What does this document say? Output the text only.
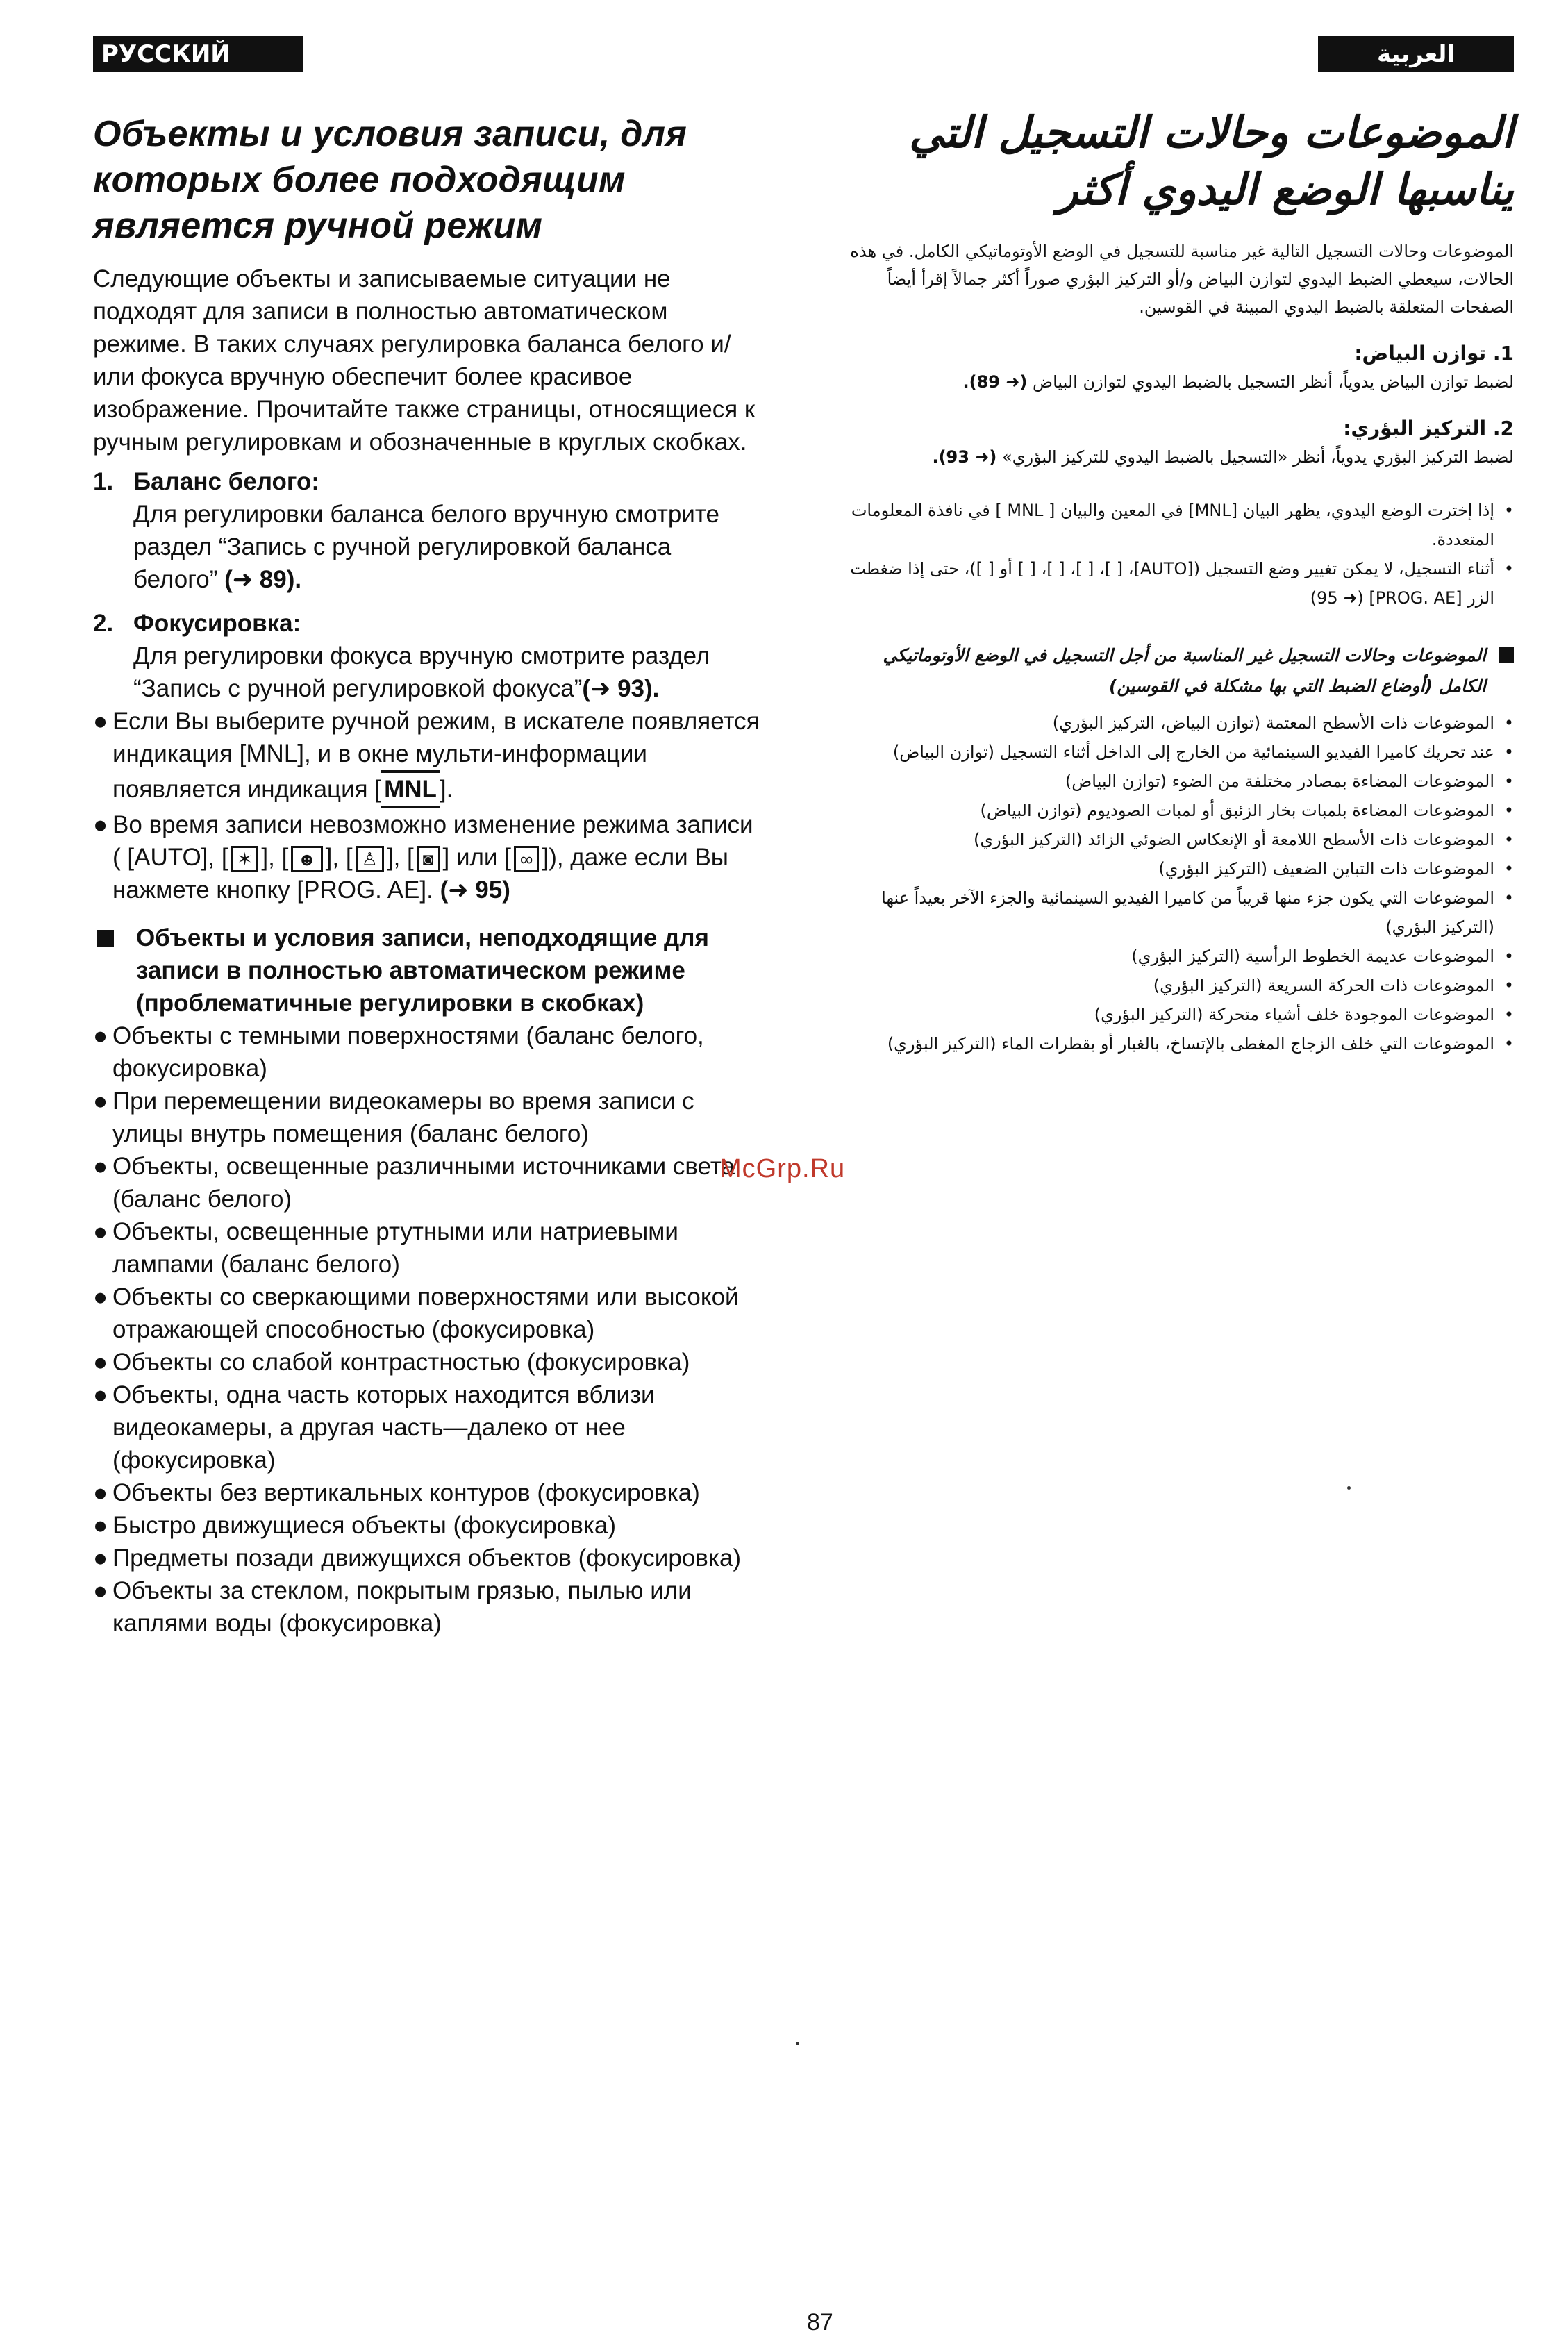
РУССКИЙ ЯЗЫК
العربية
Объекты и условия записи, для которых более подходящим является ручной режим

Следующие объекты и записываемые ситуации не подходят для записи в полностью автоматическом режиме. В таких случаях регулировка баланса белого и/или фокуса вручную обеспечит более красивое изображение. Прочитайте также страницы, относящиеся к ручным регулировкам и обозначенные в круглых скобках.

1. Баланс белого:
Для регулировки баланса белого вручную смотрите раздел “Запись с ручной регулировкой баланса белого” (➜ 89).
2. Фокусировка:
Для регулировки фокуса вручную смотрите раздел “Запись с ручной регулировкой фокуса”(➜ 93).
● Если Вы выберите ручной режим, в искателе появляется индикация [MNL], и в окне мульти-информации появляется индикация [ MNL ].
● Во время записи невозможно изменение режима записи ( [AUTO], [ ✶ ], [ ☻ ], [ ♙ ], [ ◙ ] или [ ∞ ]), даже если Вы нажмете кнопку [PROG. AE]. (➜ 95)
Объекты и условия записи, неподходящие для записи в полностью автоматическом режиме (проблематичные регулировки в скобках)
● Объекты с темными поверхностями (баланс белого, фокусировка)
● При перемещении видеокамеры во время записи с улицы внутрь помещения (баланс белого)
● Объекты, освещенные различными источниками света (баланс белого)
● Объекты, освещенные ртутными или натриевыми лампами (баланс белого)
● Объекты со сверкающими поверхностями или высокой отражающей способностью (фокусировка)
● Объекты со слабой контрастностью (фокусировка)
● Объекты, одна часть которых находится вблизи видеокамеры, а другая часть—далеко от нее (фокусировка)
● Объекты без вертикальных контуров (фокусировка)
● Быстро движущиеся объекты (фокусировка)
● Предметы позади движущихся объектов (фокусировка)
● Объекты за стеклом, покрытым грязью, пылью или каплями воды (фокусировка)
الموضوعات وحالات التسجيل التي يناسبها الوضع اليدوي أكثر

الموضوعات وحالات التسجيل التالية غير مناسبة للتسجيل في الوضع الأوتوماتيكي الكامل. في هذه الحالات، سيعطي الضبط اليدوي لتوازن البياض و/أو التركيز البؤري صوراً أكثر جمالاً إقرأ أيضاً الصفحات المتعلقة بالضبط اليدوي المبينة في القوسين.

1. توازن البياض:

لضبط توازن البياض يدوياً، أنظر التسجيل بالضبط اليدوي لتوازن البياض (➜ 89).

2. التركيز البؤري:

لضبط التركيز البؤري يدوياً، أنظر «التسجيل بالضبط اليدوي للتركيز البؤري» (➜ 93).

•
إذا إخترت الوضع اليدوي، يظهر البيان [MNL] في المعين والبيان [ MNL ] في نافذة المعلومات المتعددة.
•
أثناء التسجيل، لا يمكن تغيير وضع التسجيل ([AUTO]، [ ]، [ ]، [ ]، [ ] أو [ ])، حتى إذا ضغطت الزر [PROG. AE] (➜ 95)
الموضوعات وحالات التسجيل غير المناسبة من أجل التسجيل في الوضع الأوتوماتيكي الكامل (أوضاع الضبط التي بها مشكلة في القوسين)
•
الموضوعات ذات الأسطح المعتمة (توازن البياض، التركيز البؤري)
•
عند تحريك كاميرا الفيديو السينمائية من الخارج إلى الداخل أثناء التسجيل (توازن البياض)
•
الموضوعات المضاءة بمصادر مختلفة من الضوء (توازن البياض)
•
الموضوعات المضاءة بلمبات بخار الزئبق أو لمبات الصوديوم (توازن البياض)
•
الموضوعات ذات الأسطح اللامعة أو الإنعكاس الضوئي الزائد (التركيز البؤري)
•
الموضوعات ذات التباين الضعيف (التركيز البؤري)
•
الموضوعات التي يكون جزء منها قريباً من كاميرا الفيديو السينمائية والجزء الآخر بعيداً عنها (التركيز البؤري)
•
الموضوعات عديمة الخطوط الرأسية (التركيز البؤري)
•
الموضوعات ذات الحركة السريعة (التركيز البؤري)
•
الموضوعات الموجودة خلف أشياء متحركة (التركيز البؤري)
•
الموضوعات التي خلف الزجاج المغطى بالإتساخ، بالغبار أو بقطرات الماء (التركيز البؤري)
McGrp.Ru
87
